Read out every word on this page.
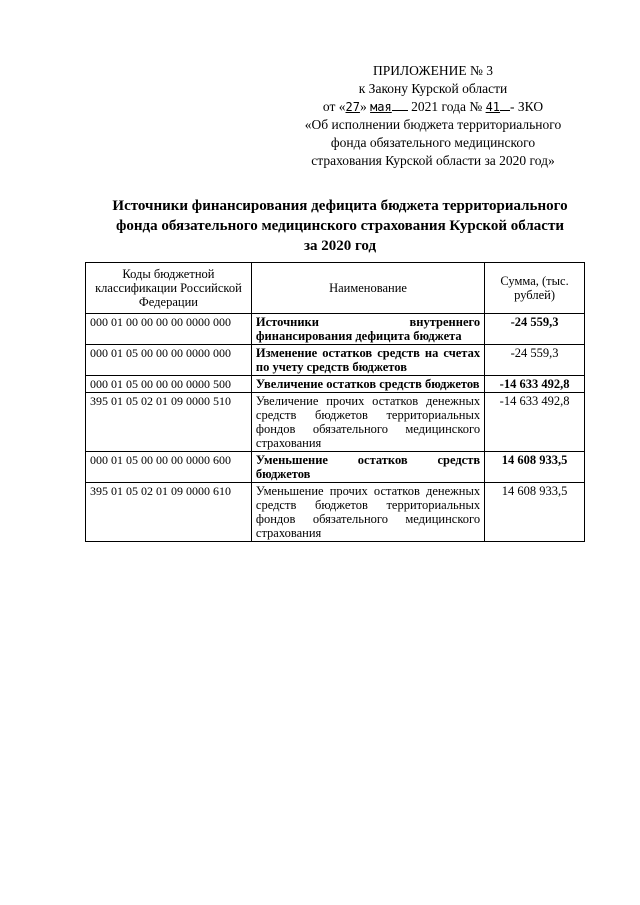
ПРИЛОЖЕНИЕ № 3
к Закону Курской области
от «27» мая 2021 года № 41 - ЗКО
«Об исполнении бюджета территориального
фонда обязательного медицинского
страхования Курской области за 2020 год»
Источники финансирования дефицита бюджета территориального
фонда обязательного медицинского страхования Курской области
за 2020 год
Коды бюджетной классификации Российской Федерации	Наименование	Сумма, (тыс. рублей)
000 01 00 00 00 00 0000 000	Источники внутреннего финансирования дефицита бюджета	-24 559,3
000 01 05 00 00 00 0000 000	Изменение остатков средств на счетах по учету средств бюджетов	-24 559,3
000 01 05 00 00 00 0000 500	Увеличение остатков средств бюджетов	-14 633 492,8
395 01 05 02 01 09 0000 510	Увеличение прочих остатков денежных средств бюджетов территориальных фондов обязательного медицинского страхования	-14 633 492,8
000 01 05 00 00 00 0000 600	Уменьшение остатков средств бюджетов	14 608 933,5
395 01 05 02 01 09 0000 610	Уменьшение прочих остатков денежных средств бюджетов территориальных фондов обязательного медицинского страхования	14 608 933,5
